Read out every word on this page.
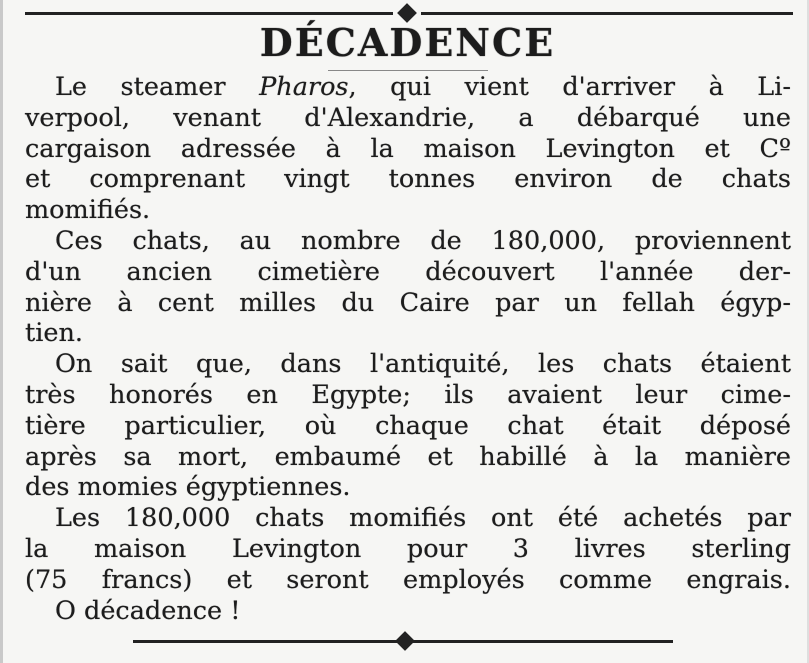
DÉCADENCE
Le steamer Pharos, qui vient d'arriver à Li-
verpool, venant d'Alexandrie, a débarqué une
cargaison adressée à la maison Levington et Cº
et comprenant vingt tonnes environ de chats
momifiés.
Ces chats, au nombre de 180,000, proviennent
d'un ancien cimetière découvert l'année der-
nière à cent milles du Caire par un fellah égyp-
tien.
On sait que, dans l'antiquité, les chats étaient
très honorés en Egypte; ils avaient leur cime-
tière particulier, où chaque chat était déposé
après sa mort, embaumé et habillé à la manière
des momies égyptiennes.
Les 180,000 chats momifiés ont été achetés par
la maison Levington pour 3 livres sterling
(75 francs) et seront employés comme engrais.
O décadence !
